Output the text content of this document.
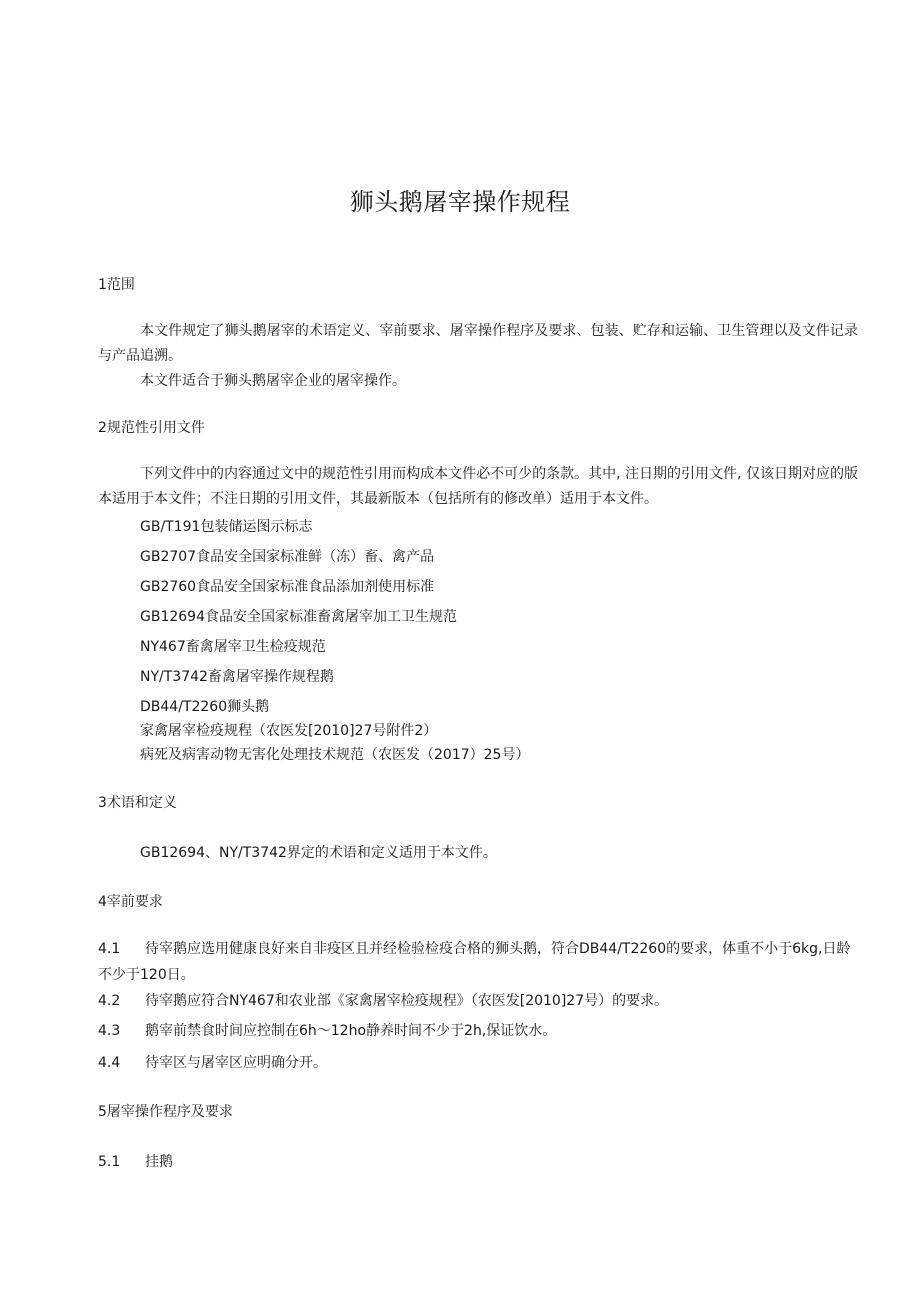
狮头鹅屠宰操作规程
1范围
本文件规定了狮头鹅屠宰的术语定义、宰前要求、屠宰操作程序及要求、包装、贮存和运输、卫生管理以及文件记录与产品追溯。
本文件适合于狮头鹅屠宰企业的屠宰操作。
2规范性引用文件
下列文件中的内容通过文中的规范性引用而构成本文件必不可少的条款。其中, 注日期的引用文件, 仅该日期对应的版本适用于本文件；不注日期的引用文件，其最新版本（包括所有的修改单）适用于本文件。
GB/T191包装储运图示标志
GB2707食品安全国家标准鲜（冻）畜、禽产品
GB2760食品安全国家标准食品添加剂使用标准
GB12694食品安全国家标准畜禽屠宰加工卫生规范
NY467畜禽屠宰卫生检疫规范
NY/T3742畜禽屠宰操作规程鹅
DB44/T2260狮头鹅
家禽屠宰检疫规程（农医发[2010]27号附件2）
病死及病害动物无害化处理技术规范（农医发（2017）25号）
3术语和定义
GB12694、NY/T3742界定的术语和定义适用于本文件。
4宰前要求
4.1 待宰鹅应选用健康良好来自非疫区且并经检验检疫合格的狮头鹅，符合DB44/T2260的要求，体重不小于6kg,日龄不少于120日。
4.2 待宰鹅应符合NY467和农业部《家禽屠宰检疫规程》（农医发[2010]27号）的要求。
4.3 鹅宰前禁食时间应控制在6h～12ho静养时间不少于2h,保证饮水。
4.4 待宰区与屠宰区应明确分开。
5屠宰操作程序及要求
5.1 挂鹅
